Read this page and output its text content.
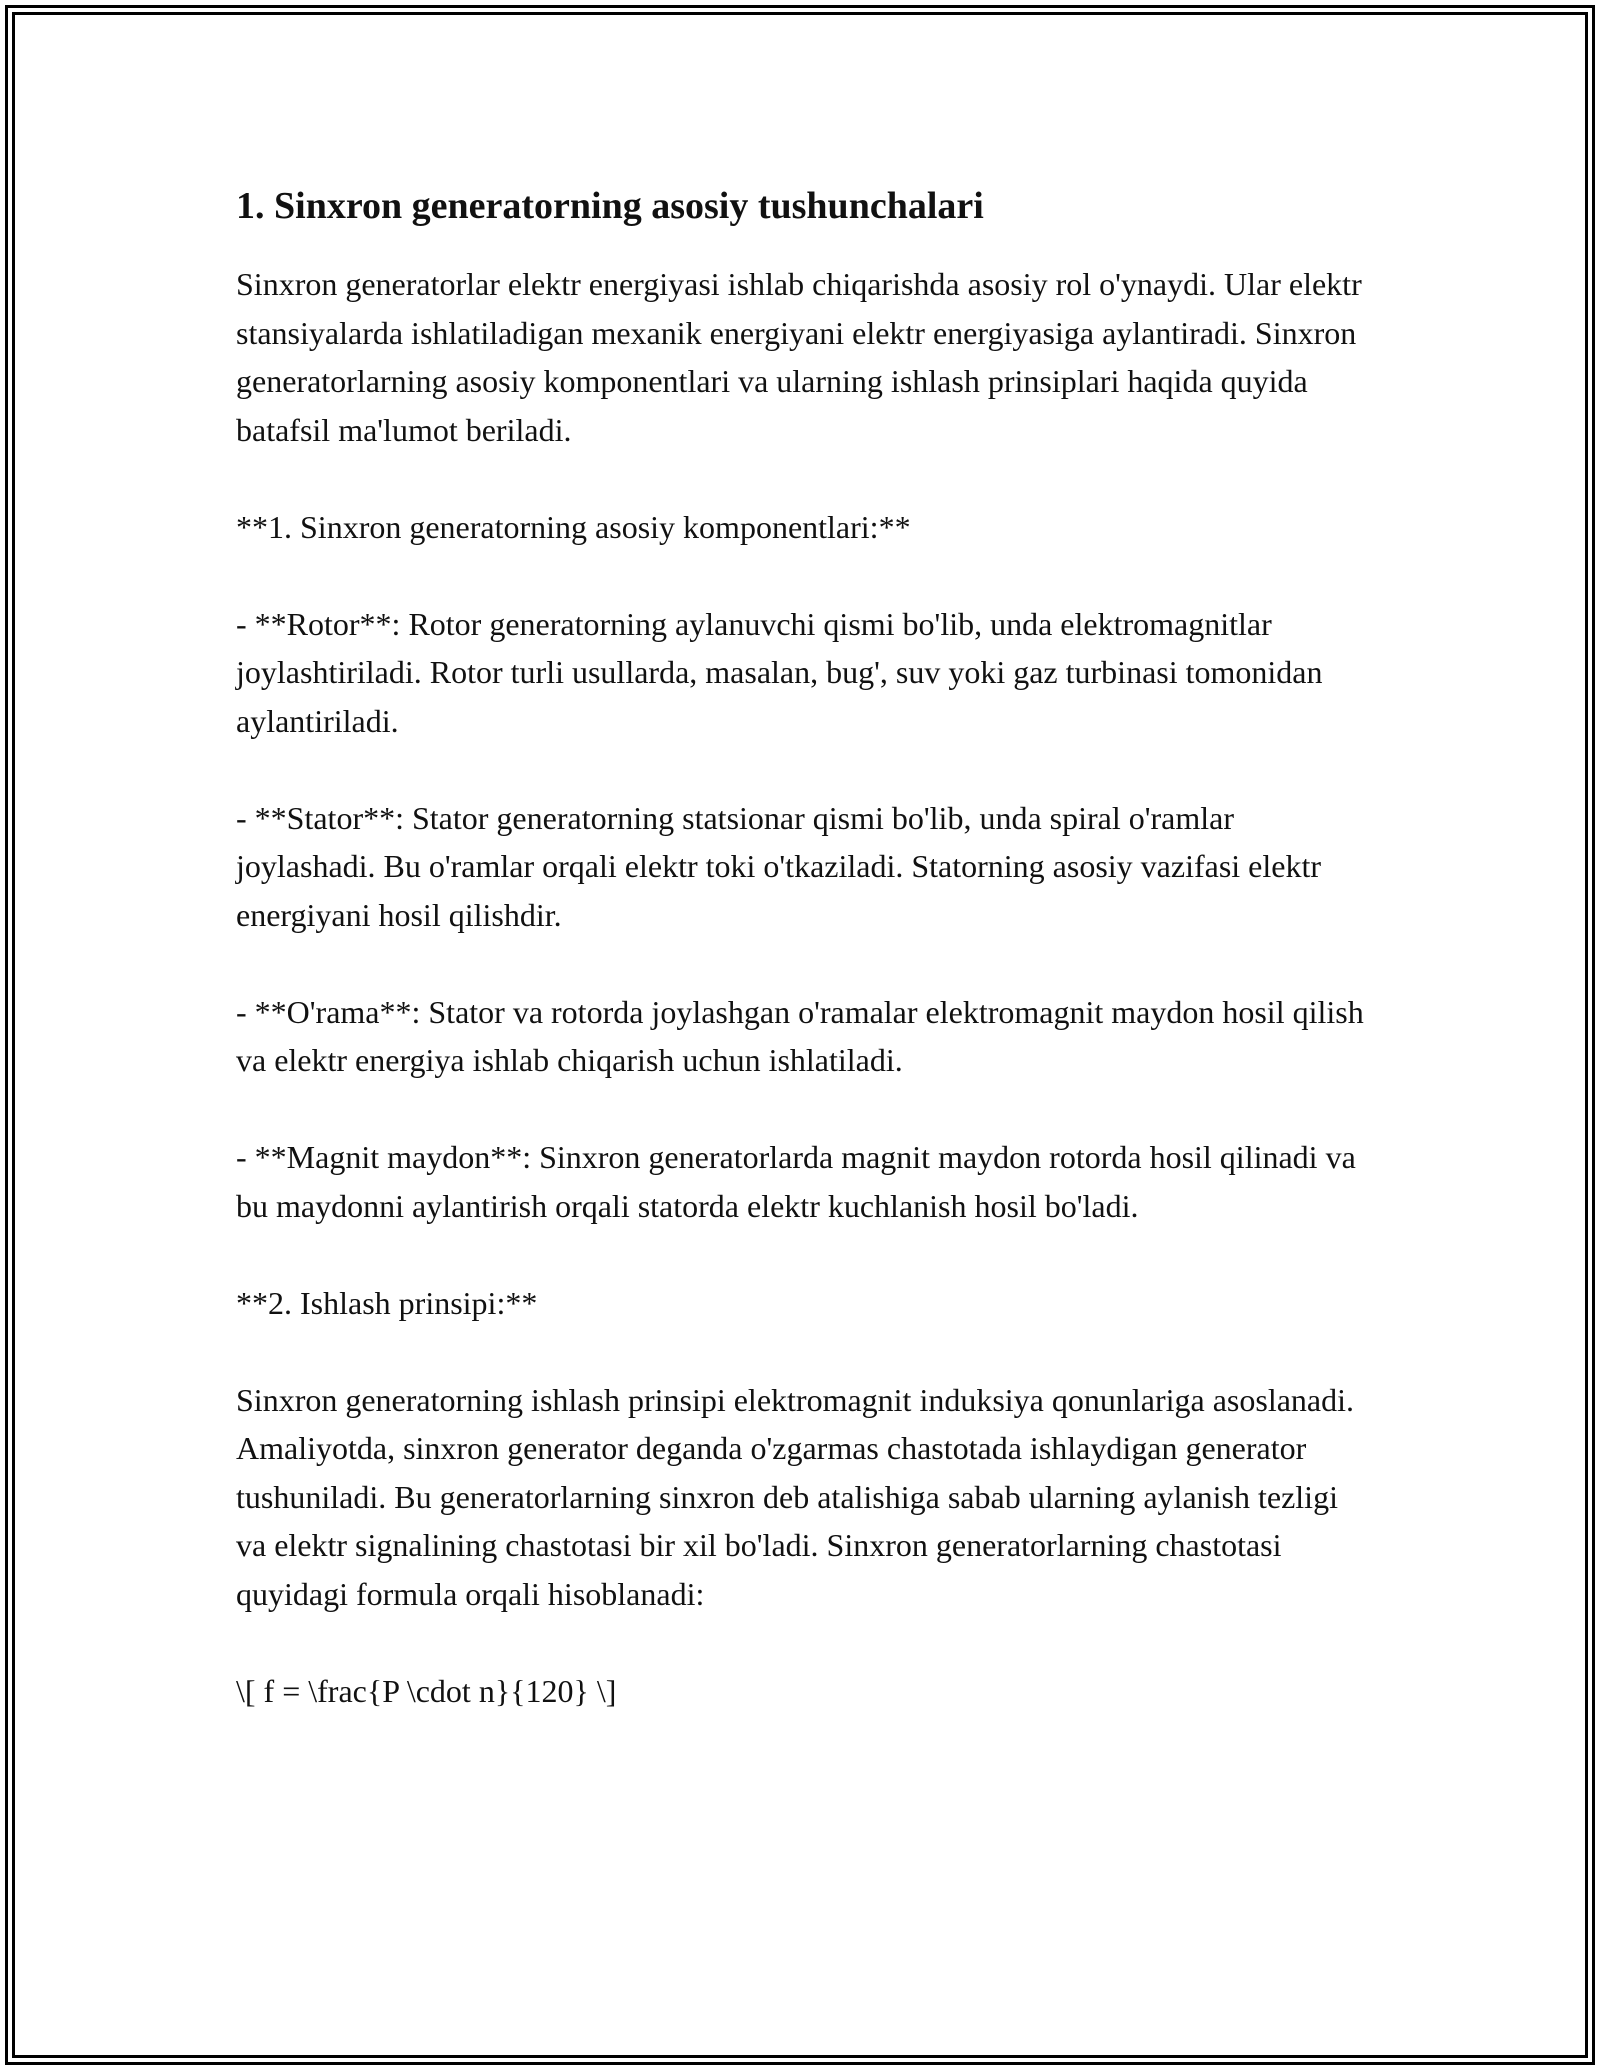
1. Sinxron generatorning asosiy tushunchalari

Sinxron generatorlar elektr energiyasi ishlab chiqarishda asosiy rol o'ynaydi. Ular elektr stansiyalarda ishlatiladigan mexanik energiyani elektr energiyasiga aylantiradi. Sinxron generatorlarning asosiy komponentlari va ularning ishlash prinsiplari haqida quyida batafsil ma'lumot beriladi.

**1. Sinxron generatorning asosiy komponentlari:**

- **Rotor**: Rotor generatorning aylanuvchi qismi bo'lib, unda elektromagnitlar joylashtiriladi. Rotor turli usullarda, masalan, bug', suv yoki gaz turbinasi tomonidan aylantiriladi.

- **Stator**: Stator generatorning statsionar qismi bo'lib, unda spiral o'ramlar joylashadi. Bu o'ramlar orqali elektr toki o'tkaziladi. Statorning asosiy vazifasi elektr energiyani hosil qilishdir.

- **O'rama**: Stator va rotorda joylashgan o'ramalar elektromagnit maydon hosil qilish va elektr energiya ishlab chiqarish uchun ishlatiladi.

- **Magnit maydon**: Sinxron generatorlarda magnit maydon rotorda hosil qilinadi va bu maydonni aylantirish orqali statorda elektr kuchlanish hosil bo'ladi.

**2. Ishlash prinsipi:**

Sinxron generatorning ishlash prinsipi elektromagnit induksiya qonunlariga asoslanadi. Amaliyotda, sinxron generator deganda o'zgarmas chastotada ishlaydigan generator tushuniladi. Bu generatorlarning sinxron deb atalishiga sabab ularning aylanish tezligi va elektr signalining chastotasi bir xil bo'ladi. Sinxron generatorlarning chastotasi quyidagi formula orqali hisoblanadi:

\[ f = \frac{P \cdot n}{120} \]
